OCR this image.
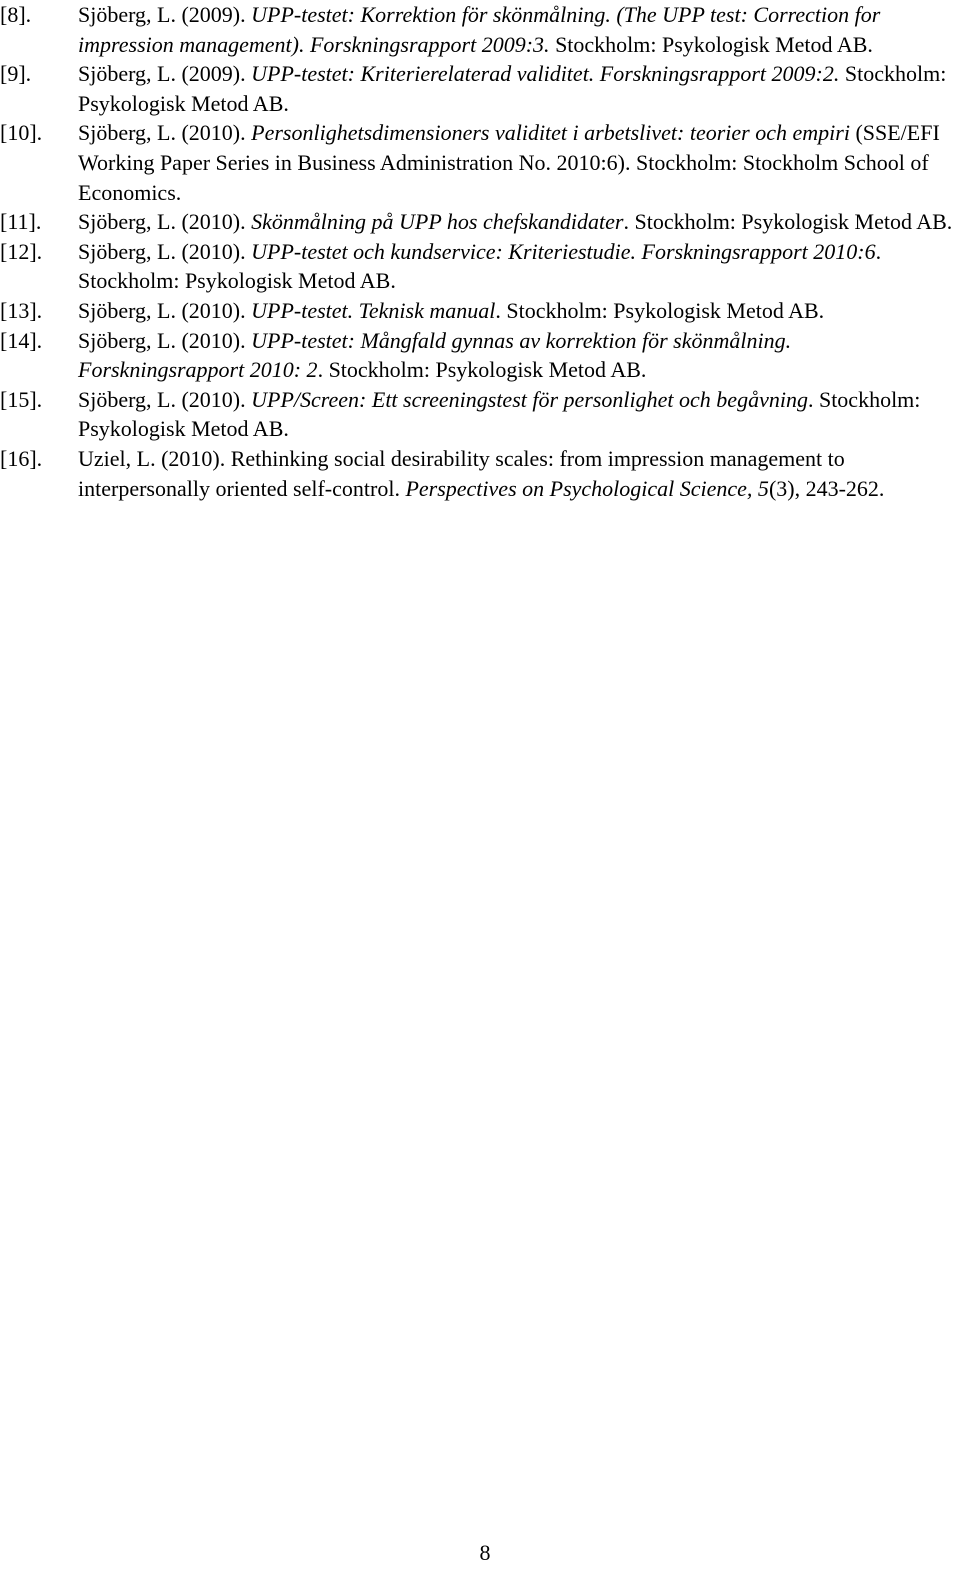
[8]. Sjöberg, L. (2009). UPP-testet: Korrektion för skönmålning. (The UPP test: Correction for impression management). Forskningsrapport 2009:3. Stockholm: Psykologisk Metod AB.
[9]. Sjöberg, L. (2009). UPP-testet: Kriterierelaterad validitet. Forskningsrapport 2009:2. Stockholm: Psykologisk Metod AB.
[10]. Sjöberg, L. (2010). Personlighetsdimensioners validitet i arbetslivet: teorier och empiri (SSE/EFI Working Paper Series in Business Administration No. 2010:6). Stockholm: Stockholm School of Economics.
[11]. Sjöberg, L. (2010). Skönmålning på UPP hos chefskandidater. Stockholm: Psykologisk Metod AB.
[12]. Sjöberg, L. (2010). UPP-testet och kundservice: Kriteriestudie. Forskningsrapport 2010:6. Stockholm: Psykologisk Metod AB.
[13]. Sjöberg, L. (2010). UPP-testet. Teknisk manual. Stockholm: Psykologisk Metod AB.
[14]. Sjöberg, L. (2010). UPP-testet: Mångfald gynnas av korrektion för skönmålning. Forskningsrapport 2010: 2. Stockholm: Psykologisk Metod AB.
[15]. Sjöberg, L. (2010). UPP/Screen: Ett screeningstest för personlighet och begåvning. Stockholm: Psykologisk Metod AB.
[16]. Uziel, L. (2010). Rethinking social desirability scales: from impression management to interpersonally oriented self-control. Perspectives on Psychological Science, 5(3), 243-262.
8
